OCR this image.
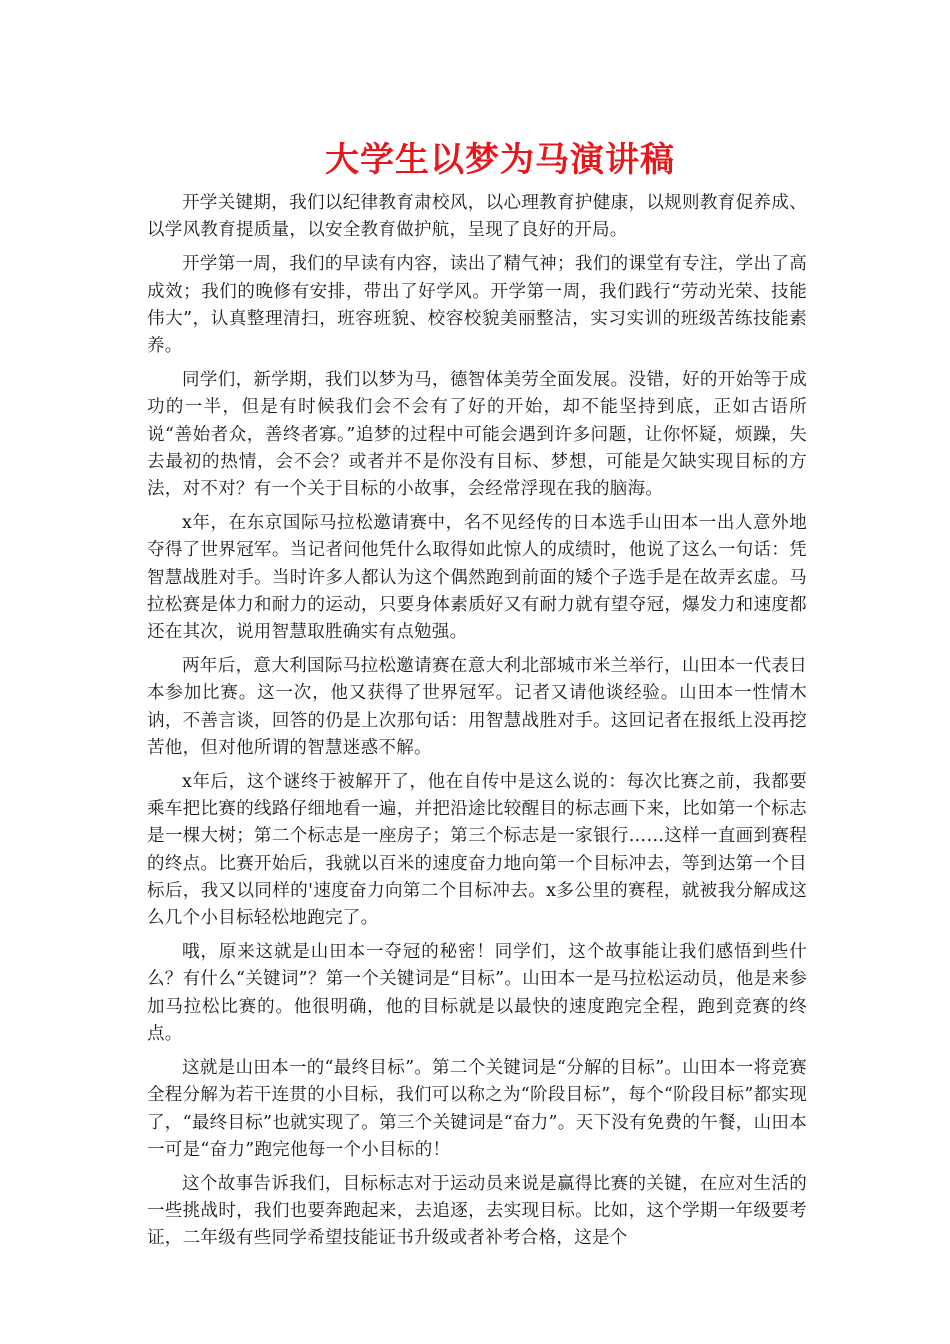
大学生以梦为马演讲稿

开学关键期，我们以纪律教育肃校风，以心理教育护健康，以规则教育促养成、以学风教育提质量，以安全教育做护航，呈现了良好的开局。

开学第一周，我们的早读有内容，读出了精气神；我们的课堂有专注，学出了高成效；我们的晚修有安排，带出了好学风。开学第一周，我们践行“劳动光荣、技能伟大”，认真整理清扫，班容班貌、校容校貌美丽整洁，实习实训的班级苦练技能素养。

同学们，新学期，我们以梦为马，德智体美劳全面发展。没错，好的开始等于成功的一半，但是有时候我们会不会有了好的开始，却不能坚持到底，正如古语所说“善始者众，善终者寡。”追梦的过程中可能会遇到许多问题，让你怀疑，烦躁，失去最初的热情，会不会？或者并不是你没有目标、梦想，可能是欠缺实现目标的方法，对不对？有一个关于目标的小故事，会经常浮现在我的脑海。

x年，在东京国际马拉松邀请赛中，名不见经传的日本选手山田本一出人意外地夺得了世界冠军。当记者问他凭什么取得如此惊人的成绩时，他说了这么一句话：凭智慧战胜对手。当时许多人都认为这个偶然跑到前面的矮个子选手是在故弄玄虚。马拉松赛是体力和耐力的运动，只要身体素质好又有耐力就有望夺冠，爆发力和速度都还在其次，说用智慧取胜确实有点勉强。

两年后，意大利国际马拉松邀请赛在意大利北部城市米兰举行，山田本一代表日本参加比赛。这一次，他又获得了世界冠军。记者又请他谈经验。山田本一性情木讷，不善言谈，回答的仍是上次那句话：用智慧战胜对手。这回记者在报纸上没再挖苦他，但对他所谓的智慧迷惑不解。

x年后，这个谜终于被解开了，他在自传中是这么说的：每次比赛之前，我都要乘车把比赛的线路仔细地看一遍，并把沿途比较醒目的标志画下来，比如第一个标志是一棵大树；第二个标志是一座房子；第三个标志是一家银行……这样一直画到赛程的终点。比赛开始后，我就以百米的速度奋力地向第一个目标冲去，等到达第一个目标后，我又以同样的'速度奋力向第二个目标冲去。x多公里的赛程，就被我分解成这么几个小目标轻松地跑完了。

哦，原来这就是山田本一夺冠的秘密！同学们，这个故事能让我们感悟到些什么？有什么“关键词”？第一个关键词是“目标”。山田本一是马拉松运动员，他是来参加马拉松比赛的。他很明确，他的目标就是以最快的速度跑完全程，跑到竞赛的终点。

这就是山田本一的“最终目标”。第二个关键词是“分解的目标”。山田本一将竞赛全程分解为若干连贯的小目标，我们可以称之为“阶段目标”，每个“阶段目标”都实现了，“最终目标”也就实现了。第三个关键词是“奋力”。天下没有免费的午餐，山田本一可是“奋力”跑完他每一个小目标的！

这个故事告诉我们，目标标志对于运动员来说是赢得比赛的关键，在应对生活的一些挑战时，我们也要奔跑起来，去追逐，去实现目标。比如，这个学期一年级要考证，二年级有些同学希望技能证书升级或者补考合格，这是个
